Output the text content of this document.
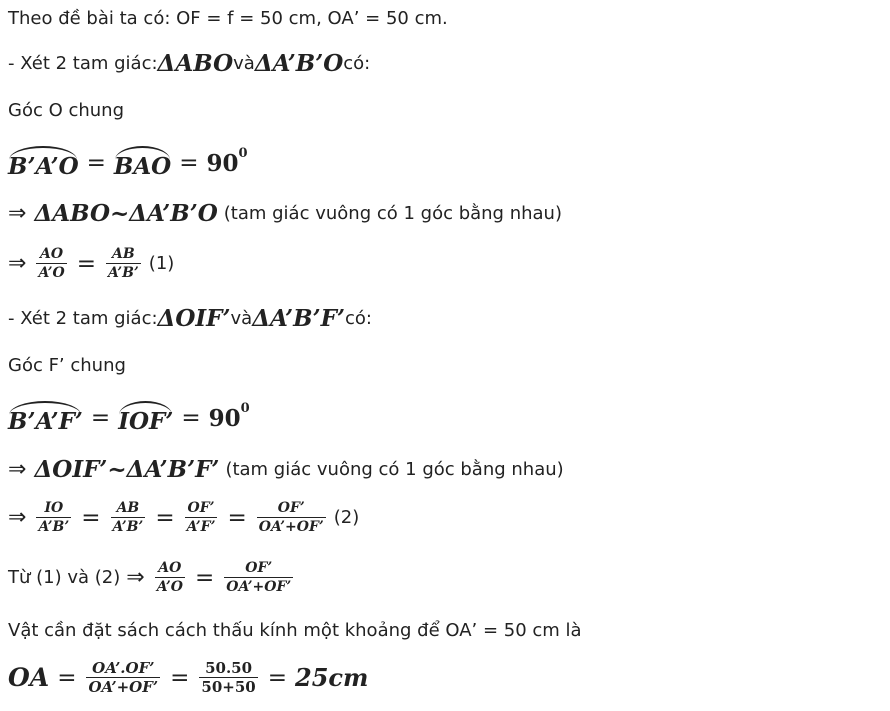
Theo đề bài ta có: OF = f = 50 cm, OA’ = 50 cm.
- Xét 2 tam giác: ΔABO và ΔA’B’O có:
Góc O chung
B’A’O = BAO = 90 0
⇒ ΔABO~ΔA’B’O (tam giác vuông có 1 góc bằng nhau)
⇒ $\frac{AO}{A’O} = \frac{AB}{A’B’} (1)$
- Xét 2 tam giác: ΔOIF’ và ΔA’B’F’ có:
Góc F’ chung
B’A’F’ = IOF’ = 90 0
⇒ ΔOIF’~ΔA’B’F’ (tam giác vuông có 1 góc bằng nhau)
⇒ $\frac{IO}{A’B’} = \frac{AB}{A’B’} = \frac{OF’}{A’F’} = \frac{OF’}{OA’+OF’} (2)$
Từ (1) và (2) ⇒ $\frac{AO}{A’O} = \frac{OF’}{OA’+OF’}$
Vật cần đặt sách cách thấu kính một khoảng để OA’ = 50 cm là
OA = $\frac{OA’.OF’}{OA’+OF’} = \frac{50.50}{50+50} = 25cm$
